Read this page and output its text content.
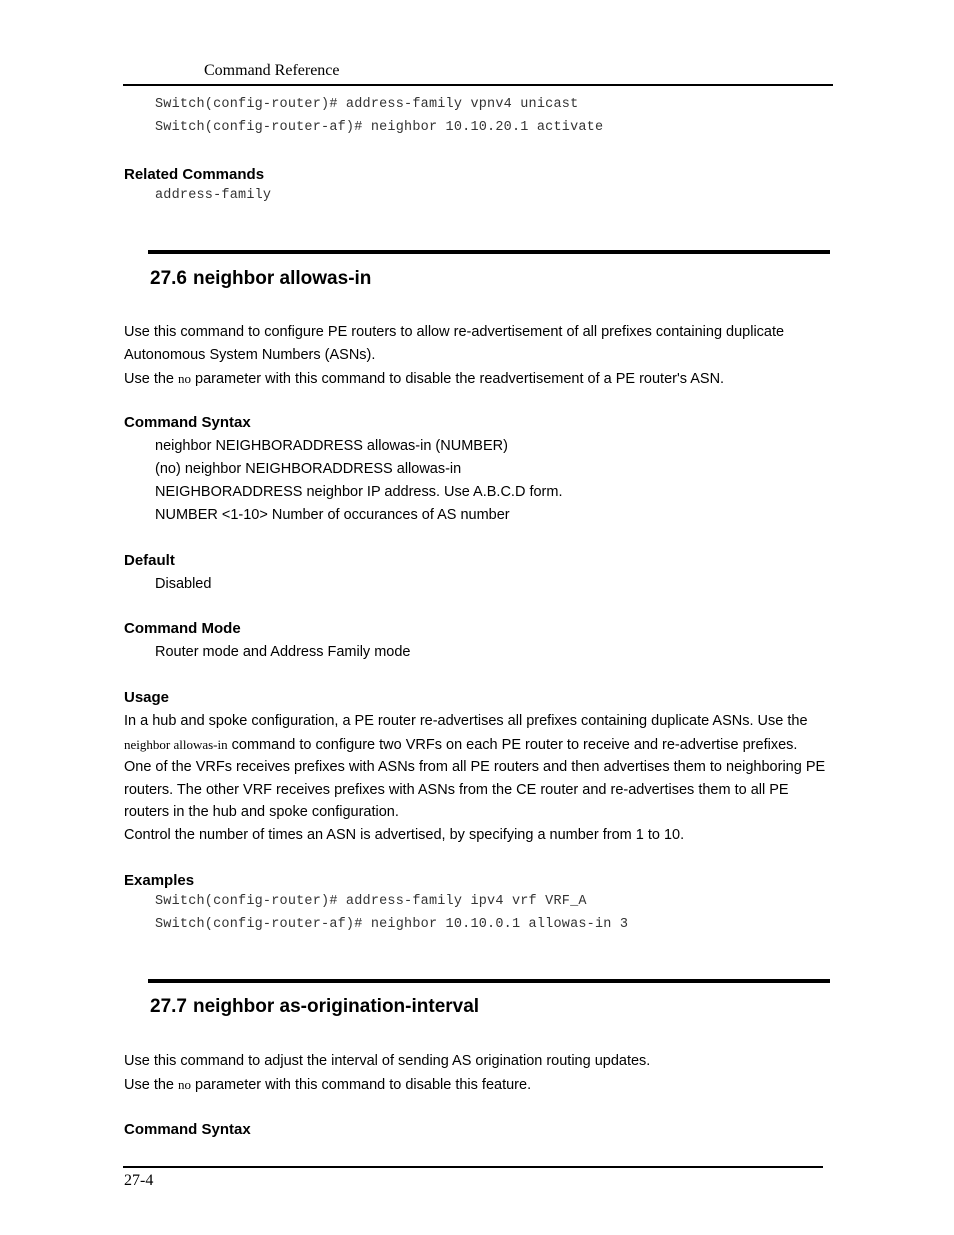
Command Reference
Switch(config-router)# address-family vpnv4 unicast
Switch(config-router-af)# neighbor 10.10.20.1 activate
Related Commands
address-family
27.6 neighbor allowas-in
Use this command to configure PE routers to allow re-advertisement of all prefixes containing duplicate
Autonomous System Numbers (ASNs).
Use the no parameter with this command to disable the readvertisement of a PE router's ASN.
Command Syntax
neighbor NEIGHBORADDRESS allowas-in (NUMBER)
(no) neighbor NEIGHBORADDRESS allowas-in
NEIGHBORADDRESS neighbor IP address. Use A.B.C.D form.
NUMBER <1-10> Number of occurances of AS number
Default
Disabled
Command Mode
Router mode and Address Family mode
Usage
In a hub and spoke configuration, a PE router re-advertises all prefixes containing duplicate ASNs. Use the
neighbor allowas-in command to configure two VRFs on each PE router to receive and re-advertise prefixes.
One of the VRFs receives prefixes with ASNs from all PE routers and then advertises them to neighboring PE
routers. The other VRF receives prefixes with ASNs from the CE router and re-advertises them to all PE
routers in the hub and spoke configuration.
Control the number of times an ASN is advertised, by specifying a number from 1 to 10.
Examples
Switch(config-router)# address-family ipv4 vrf VRF_A
Switch(config-router-af)# neighbor 10.10.0.1 allowas-in 3
27.7 neighbor as-origination-interval
Use this command to adjust the interval of sending AS origination routing updates.
Use the no parameter with this command to disable this feature.
Command Syntax
27-4
